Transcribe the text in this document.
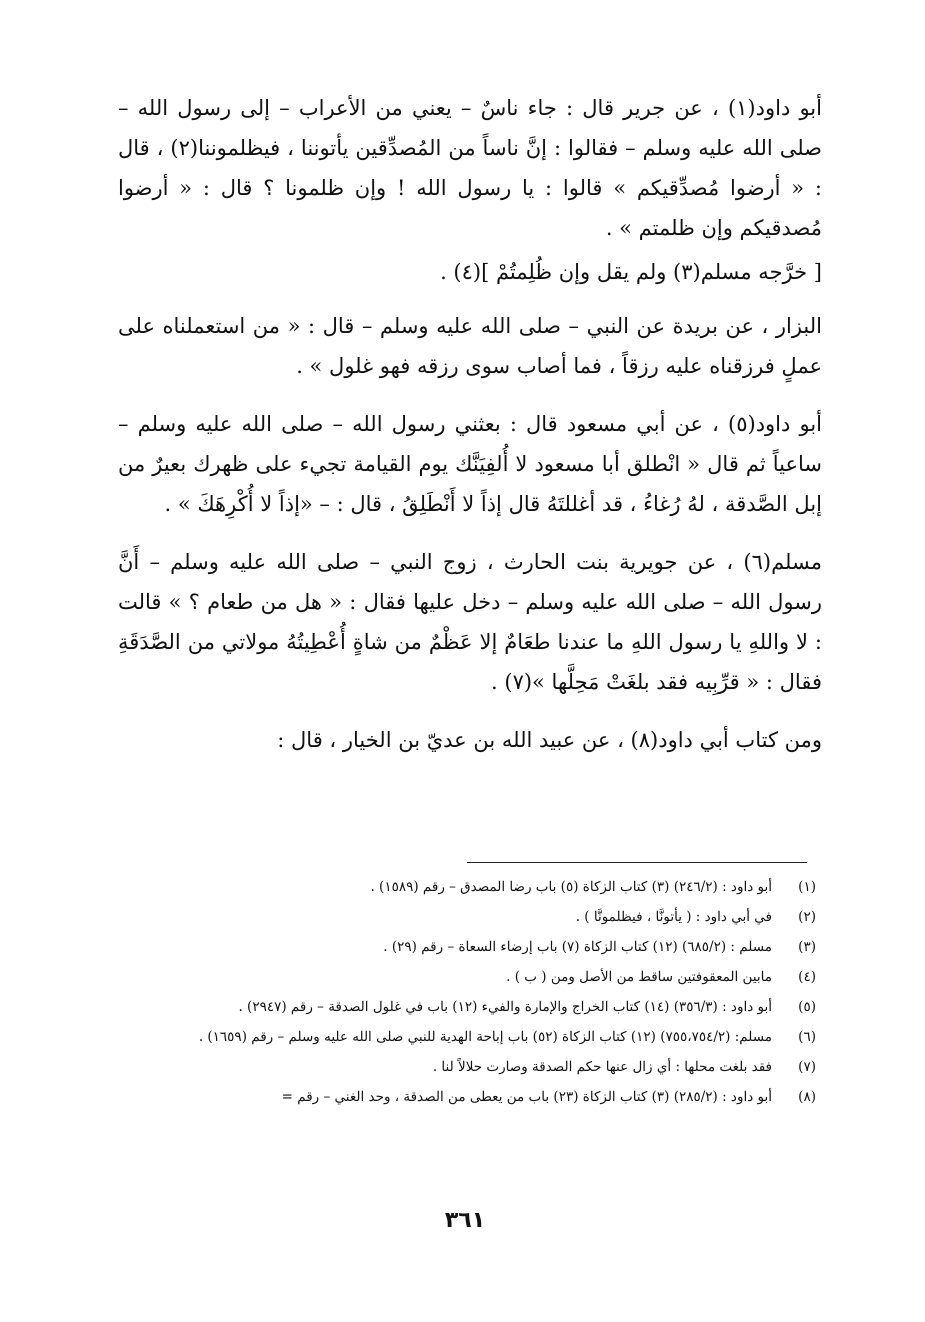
أبو داود(١) ، عن جرير قال : جاء ناسٌ – يعني من الأعراب – إلى رسول الله – صلى الله عليه وسلم – فقالوا : إنَّ ناساً من المُصدِّقين يأتوننا ، فيظلموننا(٢) ، قال : « أرضوا مُصدِّقيكم » قالوا : يا رسول الله ! وإن ظلمونا ؟ قال : « أرضوا مُصدقيكم وإن ظلمتم » .

[ خرَّجه مسلم(٣) ولم يقل وإن ظُلِمتُمْ ](٤) .

البزار ، عن بريدة عن النبي – صلى الله عليه وسلم – قال : « من استعملناه على عملٍ فرزقناه عليه رزقاً ، فما أصاب سوى رزقه فهو غلول » .

أبو داود(٥) ، عن أبي مسعود قال : بعثني رسول الله – صلى الله عليه وسلم – ساعياً ثم قال « انْطلق أبا مسعود لا أُلفِيَنَّك يوم القيامة تجيء على ظهرك بعيرٌ من إبل الصَّدقة ، لهُ رُغاءُ ، قد أغللتَهُ قال إذاً لا أَنْطَلِقُ ، قال : – «إذاً لا أُكْرِهَكَ » .

مسلم(٦) ، عن جويرية بنت الحارث ، زوج النبي – صلى الله عليه وسلم – أَنَّ رسول الله – صلى الله عليه وسلم – دخل عليها فقال : « هل من طعام ؟ » قالت : لا واللهِ يا رسول اللهِ ما عندنا طعَامٌ إلا عَظْمٌ من شاةٍ أُعْطِيتُهُ مولاتي من الصَّدَقَةِ فقال : « قرِّبِيه فقد بلغَتْ مَحِلَّها »(٧) .

ومن كتاب أبي داود(٨) ، عن عبيد الله بن عديّ بن الخيار ، قال :

(١)
أبو داود : (٢٤٦/٢) (٣) كتاب الزكاة (٥) باب رضا المصدق – رقم (١٥٨٩) .
(٢)
في أبي داود : ( يأتونَّا ، فيظلمونَّا ) .
(٣)
مسلم : (٦٨٥/٢) (١٢) كتاب الزكاة (٧) باب إرضاء السعاة – رقم (٢٩) .
(٤)
مابين المعقوفتين ساقط من الأصل ومن ( ب ) .
(٥)
أبو داود : (٣٥٦/٣) (١٤) كتاب الخراج والإمارة والفيء (١٢) باب في غلول الصدقة – رقم (٢٩٤٧) .
(٦)
مسلم: (٧٥٥،٧٥٤/٢) (١٢) كتاب الزكاة (٥٢) باب إباحة الهدية للنبي صلى الله عليه وسلم – رقم (١٦٥٩) .
(٧)
فقد بلغت محلها : أي زال عنها حكم الصدقة وصارت حلالاً لنا .
(٨)
أبو داود : (٢٨٥/٢) (٣) كتاب الزكاة (٢٣) باب من يعطى من الصدقة ، وحد الغني – رقم =
٣٦١
